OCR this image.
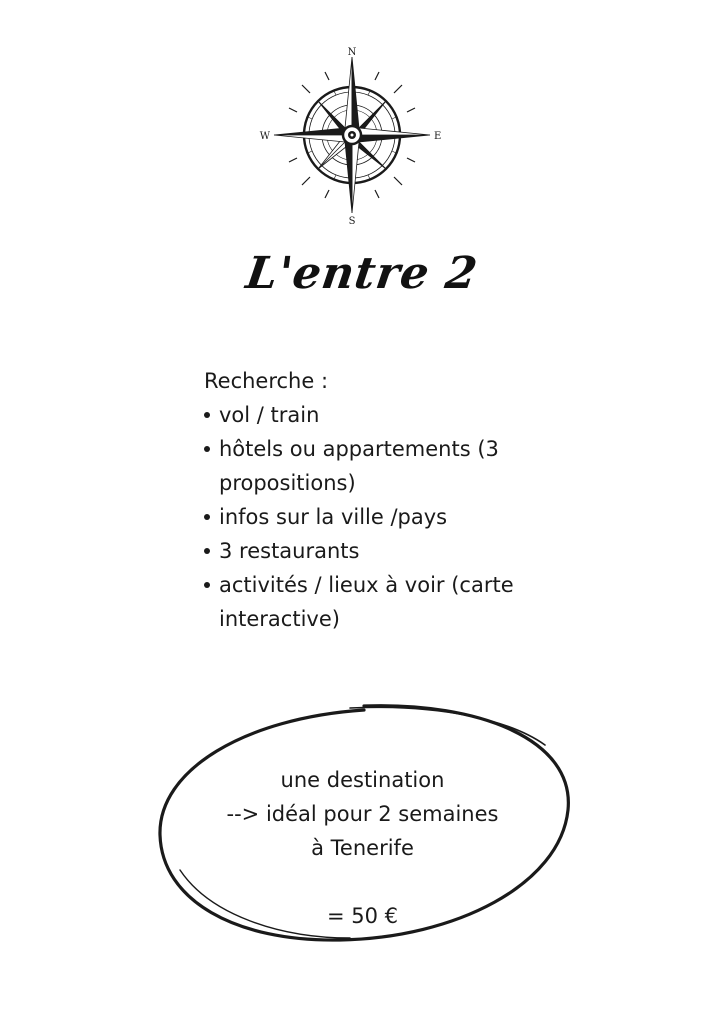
N
S
E
W
L'entre 2

Recherche :

vol / train
hôtels ou appartements (3 propositions)
infos sur la ville /pays
3 restaurants
activités / lieux à voir (carte interactive)
une destination
--> idéal pour 2 semaines
à Tenerife
= 50 €
